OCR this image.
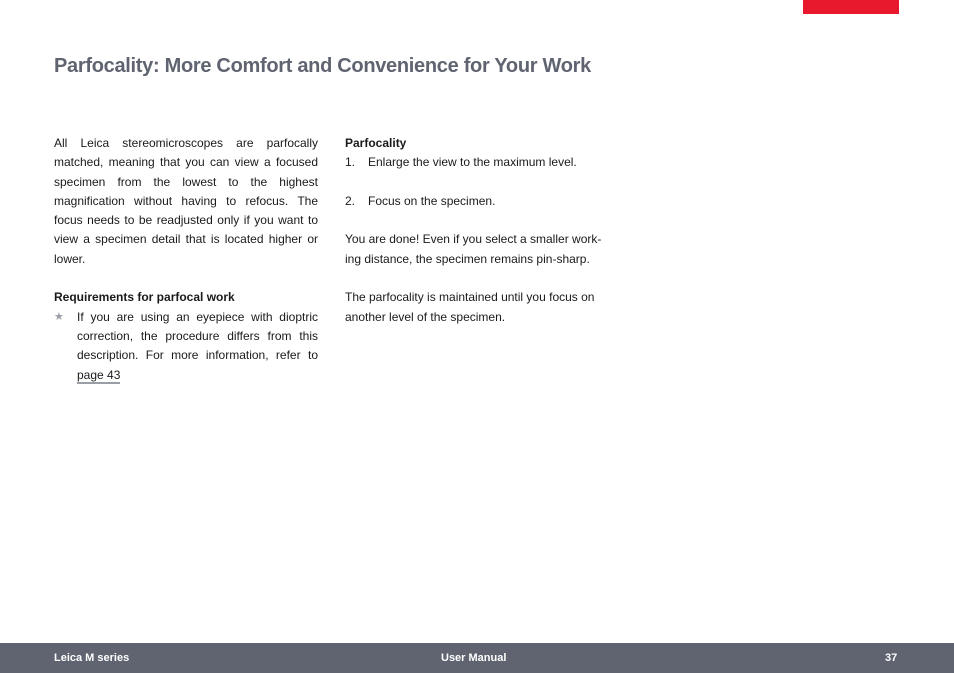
Parfocality: More Comfort and Convenience for Your Work

All Leica stereomicroscopes are parfocally matched, meaning that you can view a focused specimen from the lowest to the highest magnification without having to refocus. The focus needs to be readjusted only if you want to view a specimen detail that is located higher or lower.

Requirements for parfocal work

★ If you are using an eyepiece with dioptric correction, the procedure differs from this description. For more information, refer to page 43

Parfocality

1. Enlarge the view to the maximum level.

2. Focus on the specimen.

You are done! Even if you select a smaller work-ing distance, the specimen remains pin-sharp.

The parfocality is maintained until you focus on another level of the specimen.

Leica M series	User Manual	37
